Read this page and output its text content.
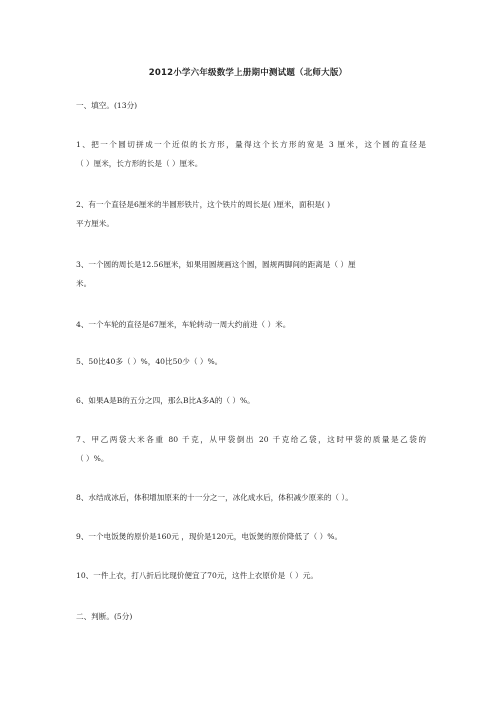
2012小学六年级数学上册期中测试题（北师大版）
一、填空。(13分)
1、把一个圆切拼成一个近似的长方形，量得这个长方形的宽是 3 厘米，这个圆的直径是
（ ）厘米，长方形的长是（ ）厘米。
2、有一个直径是6厘米的半圆形铁片，这个铁片的周长是( )厘米，面积是( )
平方厘米。
3、一个圆的周长是12.56厘米，如果用圆规画这个圆，圆规两脚间的距离是（ ）厘
米。
4、一个车轮的直径是67厘米，车轮转动一周大约前进（ ）米。
5、50比40多（ ）%，40比50少（ ）%。
6、如果A是B的五分之四，那么B比A多A的（ ）%。
7、甲乙两袋大米各重 80 千克，从甲袋倒出 20 千克给乙袋，这时甲袋的质量是乙袋的
（ ）%。
8、水结成冰后，体积增加原来的十一分之一，冰化成水后，体积减少原来的（ ）。
9、一个电饭煲的原价是160元 ，现价是120元，电饭煲的原价降低了（ ）%。
10、一件上衣，打八折后比现价便宜了70元，这件上衣原价是（ ）元。
二、判断。(5分)
